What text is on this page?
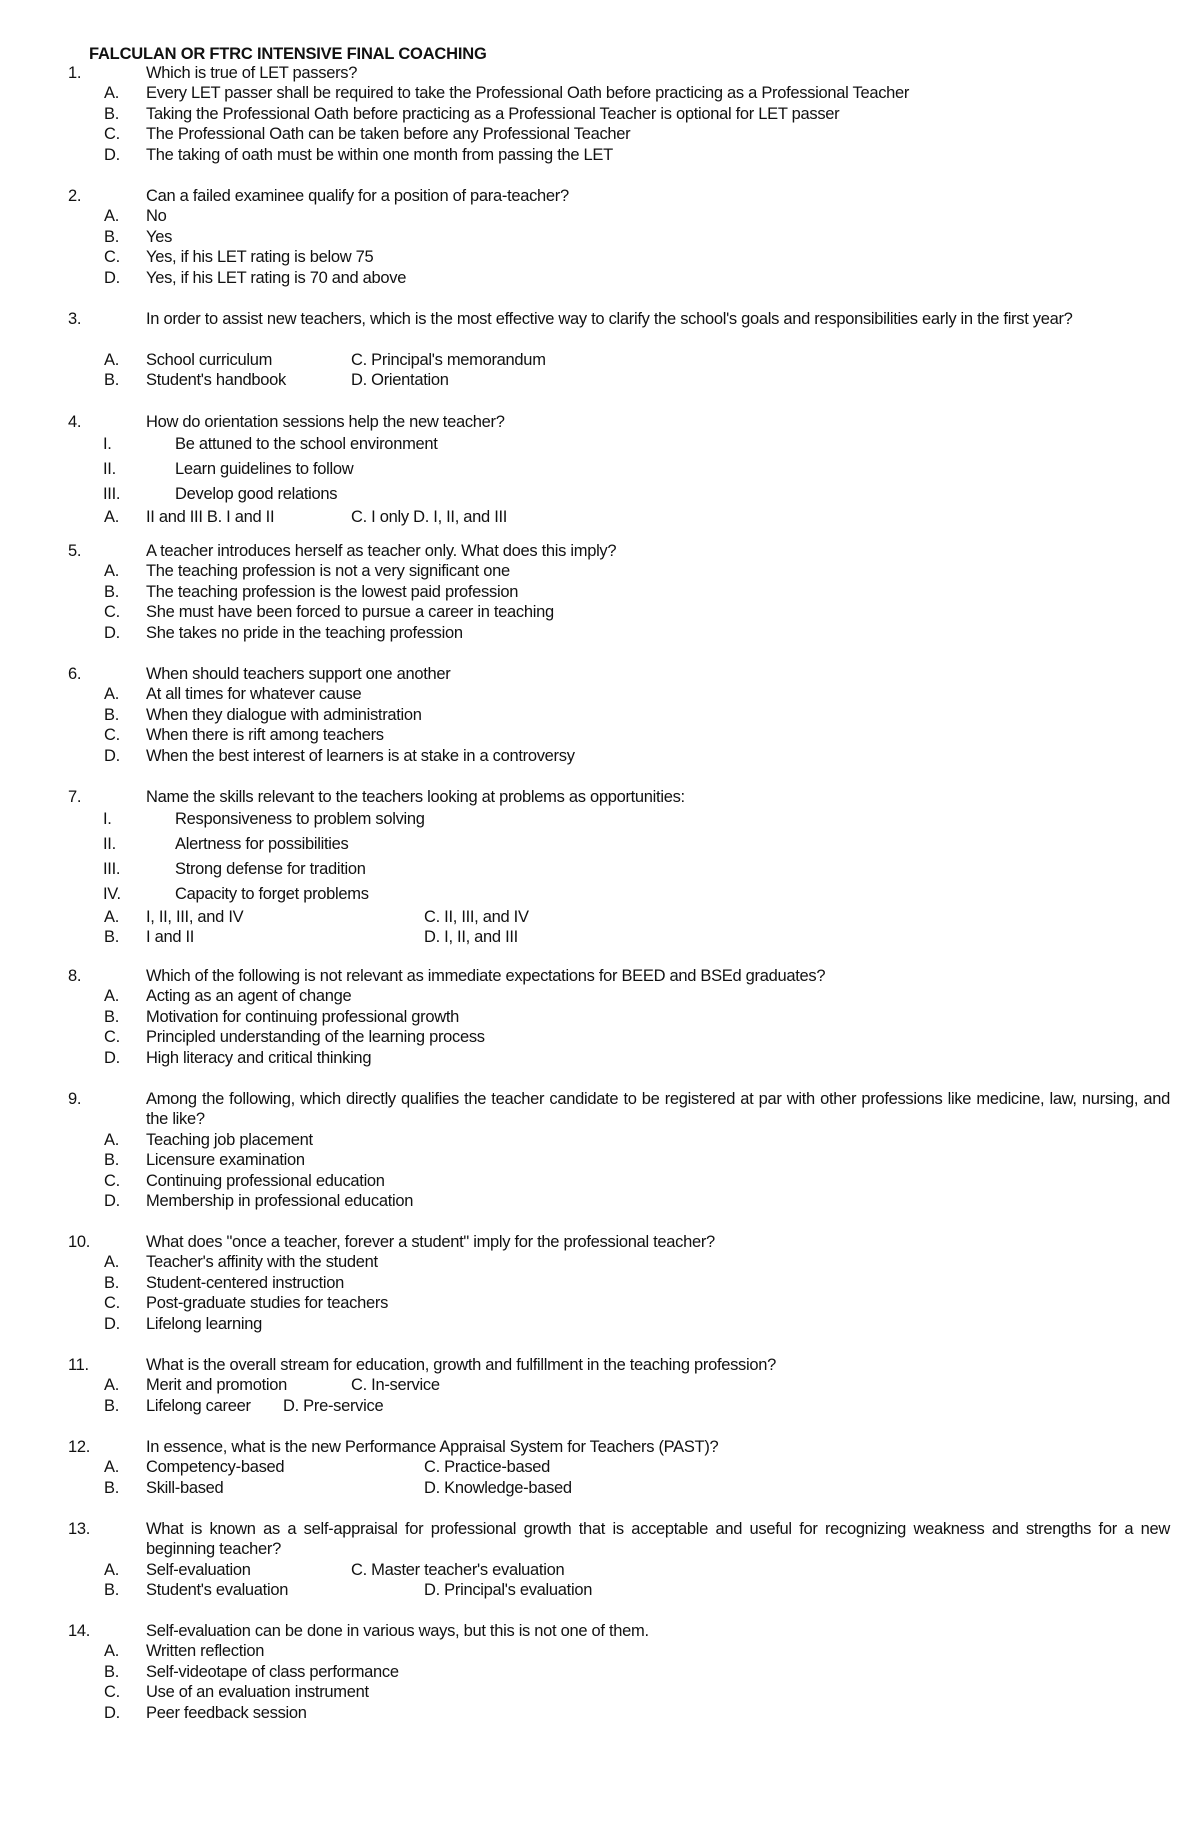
FALCULAN OR FTRC INTENSIVE FINAL COACHING
1.	Which is true of LET passers?
A. Every LET passer shall be required to take the Professional Oath before practicing as a Professional Teacher
B. Taking the Professional Oath before practicing as a Professional Teacher is optional for LET passer
C. The Professional Oath can be taken before any Professional Teacher
D. The taking of oath must be within one month from passing the LET
2.	Can a failed examinee qualify for a position of para-teacher?
A. No
B. Yes
C. Yes, if his LET rating is below 75
D. Yes, if his LET rating is 70 and above
3.	In order to assist new teachers, which is the most effective way to clarify the school's goals and responsibilities early in the first year?
A. School curriculum	C. Principal's memorandum
B. Student's handbook	D. Orientation
4.	How do orientation sessions help the new teacher?
I.	Be attuned to the school environment
II.	Learn guidelines to follow
III.	Develop good relations
A. II and III B. I and II	C. I only D. I, II, and III
5.	A teacher introduces herself as teacher only. What does this imply?
A. The teaching profession is not a very significant one
B. The teaching profession is the lowest paid profession
C. She must have been forced to pursue a career in teaching
D. She takes no pride in the teaching profession
6.	When should teachers support one another
A. At all times for whatever cause
B. When they dialogue with administration
C. When there is rift among teachers
D. When the best interest of learners is at stake in a controversy
7.	Name the skills relevant to the teachers looking at problems as opportunities:
I.	Responsiveness to problem solving
II.	Alertness for possibilities
III.	Strong defense for tradition
IV.	Capacity to forget problems
A. I, II, III, and IV	C. II, III, and IV
B. I and II	D. I, II, and III
8.	Which of the following is not relevant as immediate expectations for BEED and BSEd graduates?
A. Acting as an agent of change
B. Motivation for continuing professional growth
C. Principled understanding of the learning process
D. High literacy and critical thinking
9.	Among the following, which directly qualifies the teacher candidate to be registered at par with other professions like medicine, law, nursing, and the like?
A. Teaching job placement
B. Licensure examination
C. Continuing professional education
D. Membership in professional education
10.	What does "once a teacher, forever a student" imply for the professional teacher?
A. Teacher's affinity with the student
B. Student-centered instruction
C. Post-graduate studies for teachers
D. Lifelong learning
11.	What is the overall stream for education, growth and fulfillment in the teaching profession?
A. Merit and promotion	C. In-service
B. Lifelong career D. Pre-service
12.	In essence, what is the new Performance Appraisal System for Teachers (PAST)?
A. Competency-based	C. Practice-based
B. Skill-based	D. Knowledge-based
13.	What is known as a self-appraisal for professional growth that is acceptable and useful for recognizing weakness and strengths for a new beginning teacher?
A. Self-evaluation	C. Master teacher's evaluation
B. Student's evaluation	D. Principal's evaluation
14.	Self-evaluation can be done in various ways, but this is not one of them.
A. Written reflection
B. Self-videotape of class performance
C. Use of an evaluation instrument
D. Peer feedback session
